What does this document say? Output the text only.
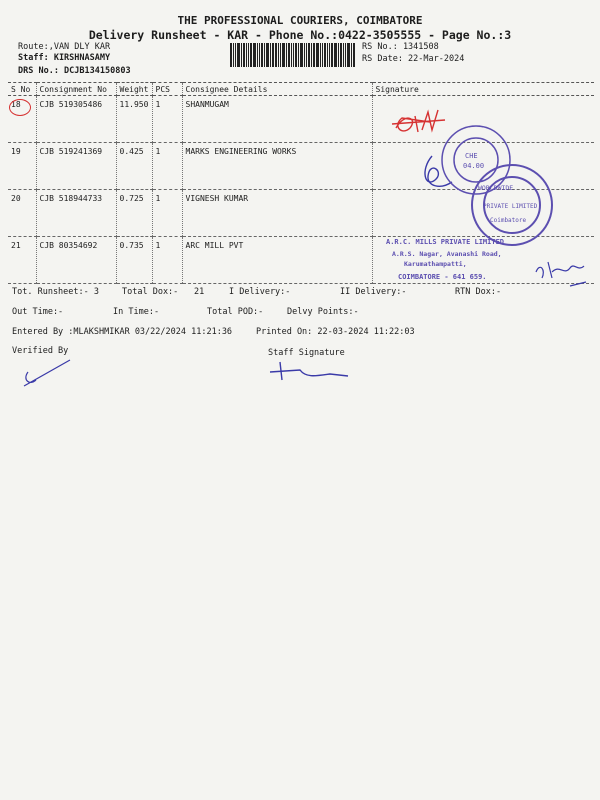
THE PROFESSIONAL COURIERS, COIMBATORE
Delivery Runsheet - KAR - Phone No.:0422-3505555 - Page No.:3
Route:,VAN DLY KAR
Staff: KIRSHNASAMY
DRS No.: DCJB134150803
RS No.: 1341508
RS Date: 22-Mar-2024
S No	Consignment No	Weight	PCS	Consignee Details	Signature
18	CJB 519305486	11.950	1	SHANMUGAM	
19	CJB 519241369	0.425	1	MARKS ENGINEERING WORKS	
20	CJB 518944733	0.725	1	VIGNESH KUMAR	
21	CJB 80354692	0.735	1	ARC MILL PVT	
Tot. Runsheet:- 3	Total Dox:- 21	I Delivery:-	II Delivery:-	RTN Dox:-
Out Time:-	In Time:-	Total POD:-	Delvy Points:-
Entered By :MLAKSHMIKAR 03/22/2024 11:21:36	Printed On: 22-03-2024 11:22:03
Verified By	Staff Signature
CHE
04.00
WORLDWIDE
PRIVATE LIMITED
Coimbatore
A.R.C. MILLS PRIVATE LIMITED
A.R.S. Nagar, Avanashi Road,
Karumathampatti,
COIMBATORE - 641 659.
